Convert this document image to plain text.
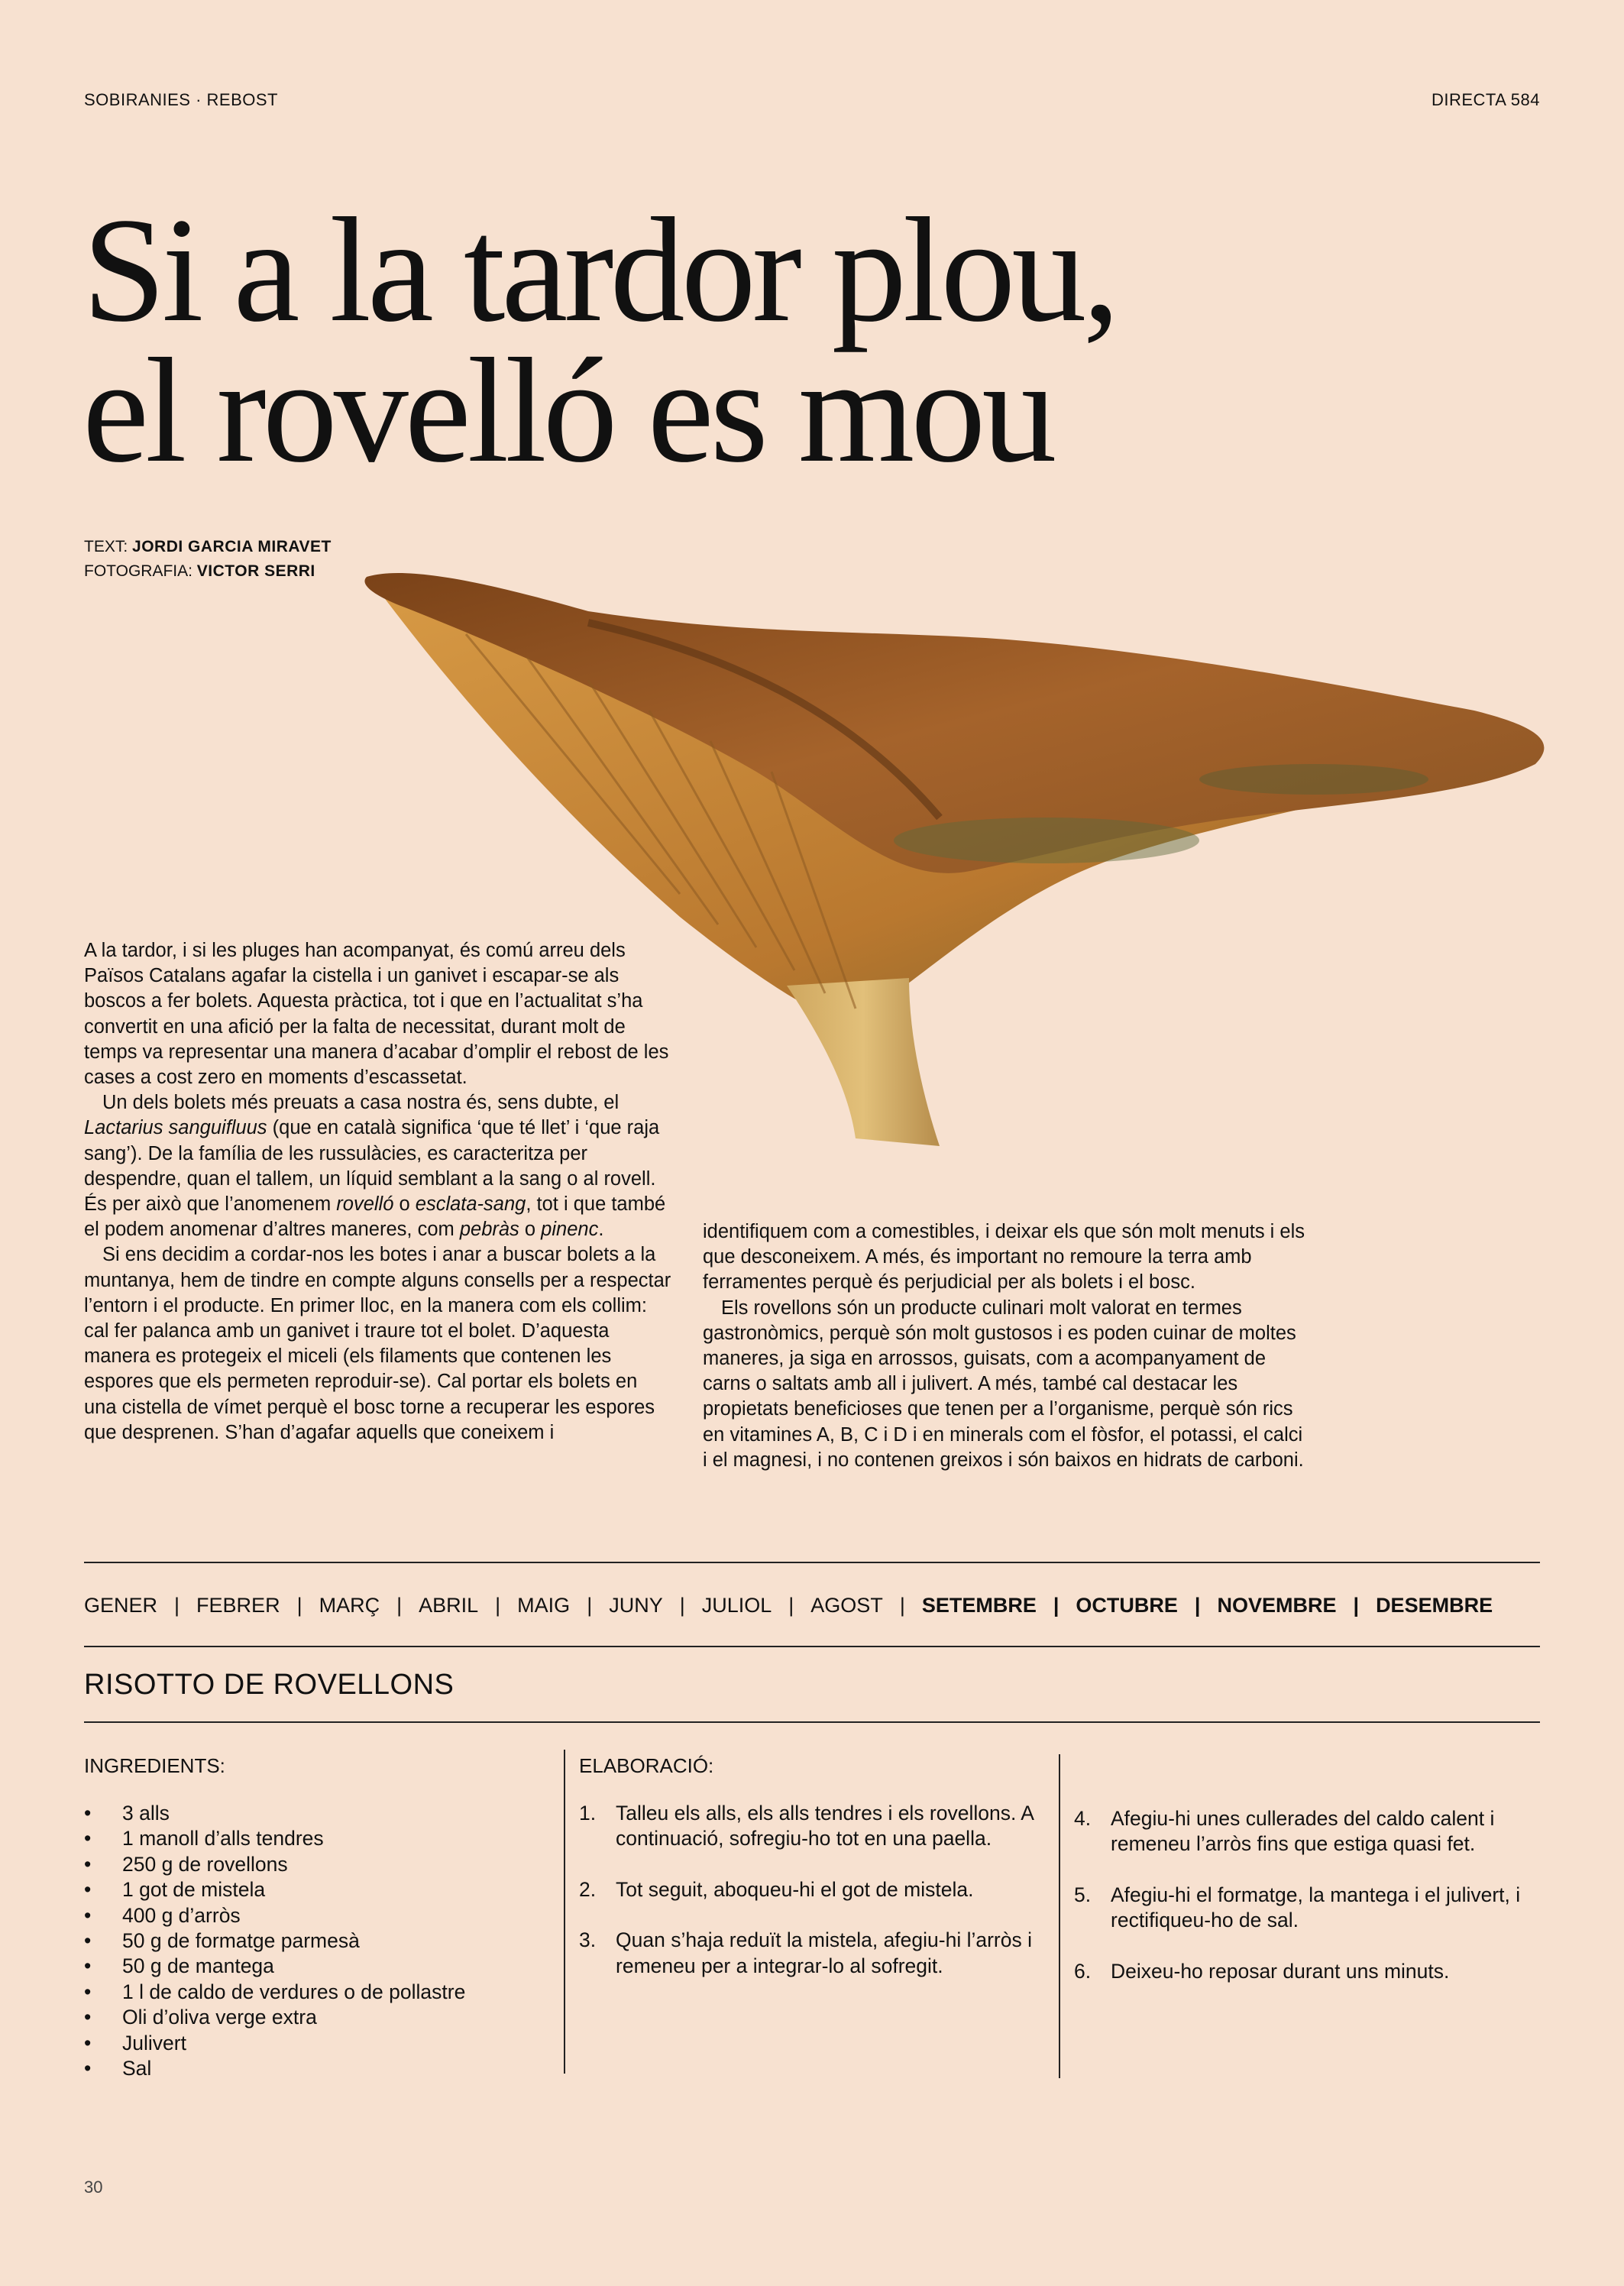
SOBIRANIES · REBOST	DIRECTA 584
Si a la tardor plou,
el rovelló es mou
TEXT: JORDI GARCIA MIRAVET
FOTOGRAFIA: VICTOR SERRI

A la tardor, i si les pluges han acompanyat, és comú arreu dels Països Catalans agafar la cistella i un ganivet i escapar-se als boscos a fer bolets. Aquesta pràctica, tot i que en l’actualitat s’ha convertit en una afició per la falta de necessitat, durant molt de temps va representar una manera d’acabar d’omplir el rebost de les cases a cost zero en moments d’escassetat.

Un dels bolets més preuats a casa nostra és, sens dubte, el Lactarius sanguifluus (que en català significa ‘que té llet’ i ‘que raja sang’). De la família de les russulàcies, es caracteritza per despendre, quan el tallem, un líquid semblant a la sang o al rovell. És per això que l’anomenem rovelló o esclata-sang, tot i que també el podem anomenar d’altres maneres, com pebràs o pinenc.

Si ens decidim a cordar-nos les botes i anar a buscar bolets a la muntanya, hem de tindre en compte alguns consells per a respectar l’entorn i el producte. En primer lloc, en la manera com els collim: cal fer palanca amb un ganivet i traure tot el bolet. D’aquesta manera es protegeix el miceli (els filaments que contenen les espores que els permeten reproduir-se). Cal portar els bolets en una cistella de vímet perquè el bosc torne a recuperar les espores que desprenen. S’han d’agafar aquells que coneixem i

identifiquem com a comestibles, i deixar els que són molt menuts i els que desconeixem. A més, és important no remoure la terra amb ferramentes perquè és perjudicial per als bolets i el bosc.

Els rovellons són un producte culinari molt valorat en termes gastronòmics, perquè són molt gustosos i es poden cuinar de moltes maneres, ja siga en arrossos, guisats, com a acompanyament de carns o saltats amb all i julivert. A més, també cal destacar les propietats beneficioses que tenen per a l’organisme, perquè són rics en vitamines A, B, C i D i en minerals com el fòsfor, el potassi, el calci i el magnesi, i no contenen greixos i són baixos en hidrats de carboni.

GENER | FEBRER | MARÇ | ABRIL | MAIG | JUNY | JULIOL | AGOST | SETEMBRE | OCTUBRE | NOVEMBRE | DESEMBRE
RISOTTO DE ROVELLONS
INGREDIENTS:
• 3 alls
• 1 manoll d’alls tendres
• 250 g de rovellons
• 1 got de mistela
• 400 g d’arròs
• 50 g de formatge parmesà
• 50 g de mantega
• 1 l de caldo de verdures o de pollastre
• Oli d’oliva verge extra
• Julivert
• Sal
ELABORACIÓ:
1. Talleu els alls, els alls tendres i els rovellons. A continuació, sofregiu-ho tot en una paella.
2. Tot seguit, aboqueu-hi el got de mistela.
3. Quan s’haja reduït la mistela, afegiu-hi l’arròs i remeneu per a integrar-lo al sofregit.
4. Afegiu-hi unes cullerades del caldo calent i remeneu l’arròs fins que estiga quasi fet.
5. Afegiu-hi el formatge, la mantega i el julivert, i rectifiqueu-ho de sal.
6. Deixeu-ho reposar durant uns minuts.
30
